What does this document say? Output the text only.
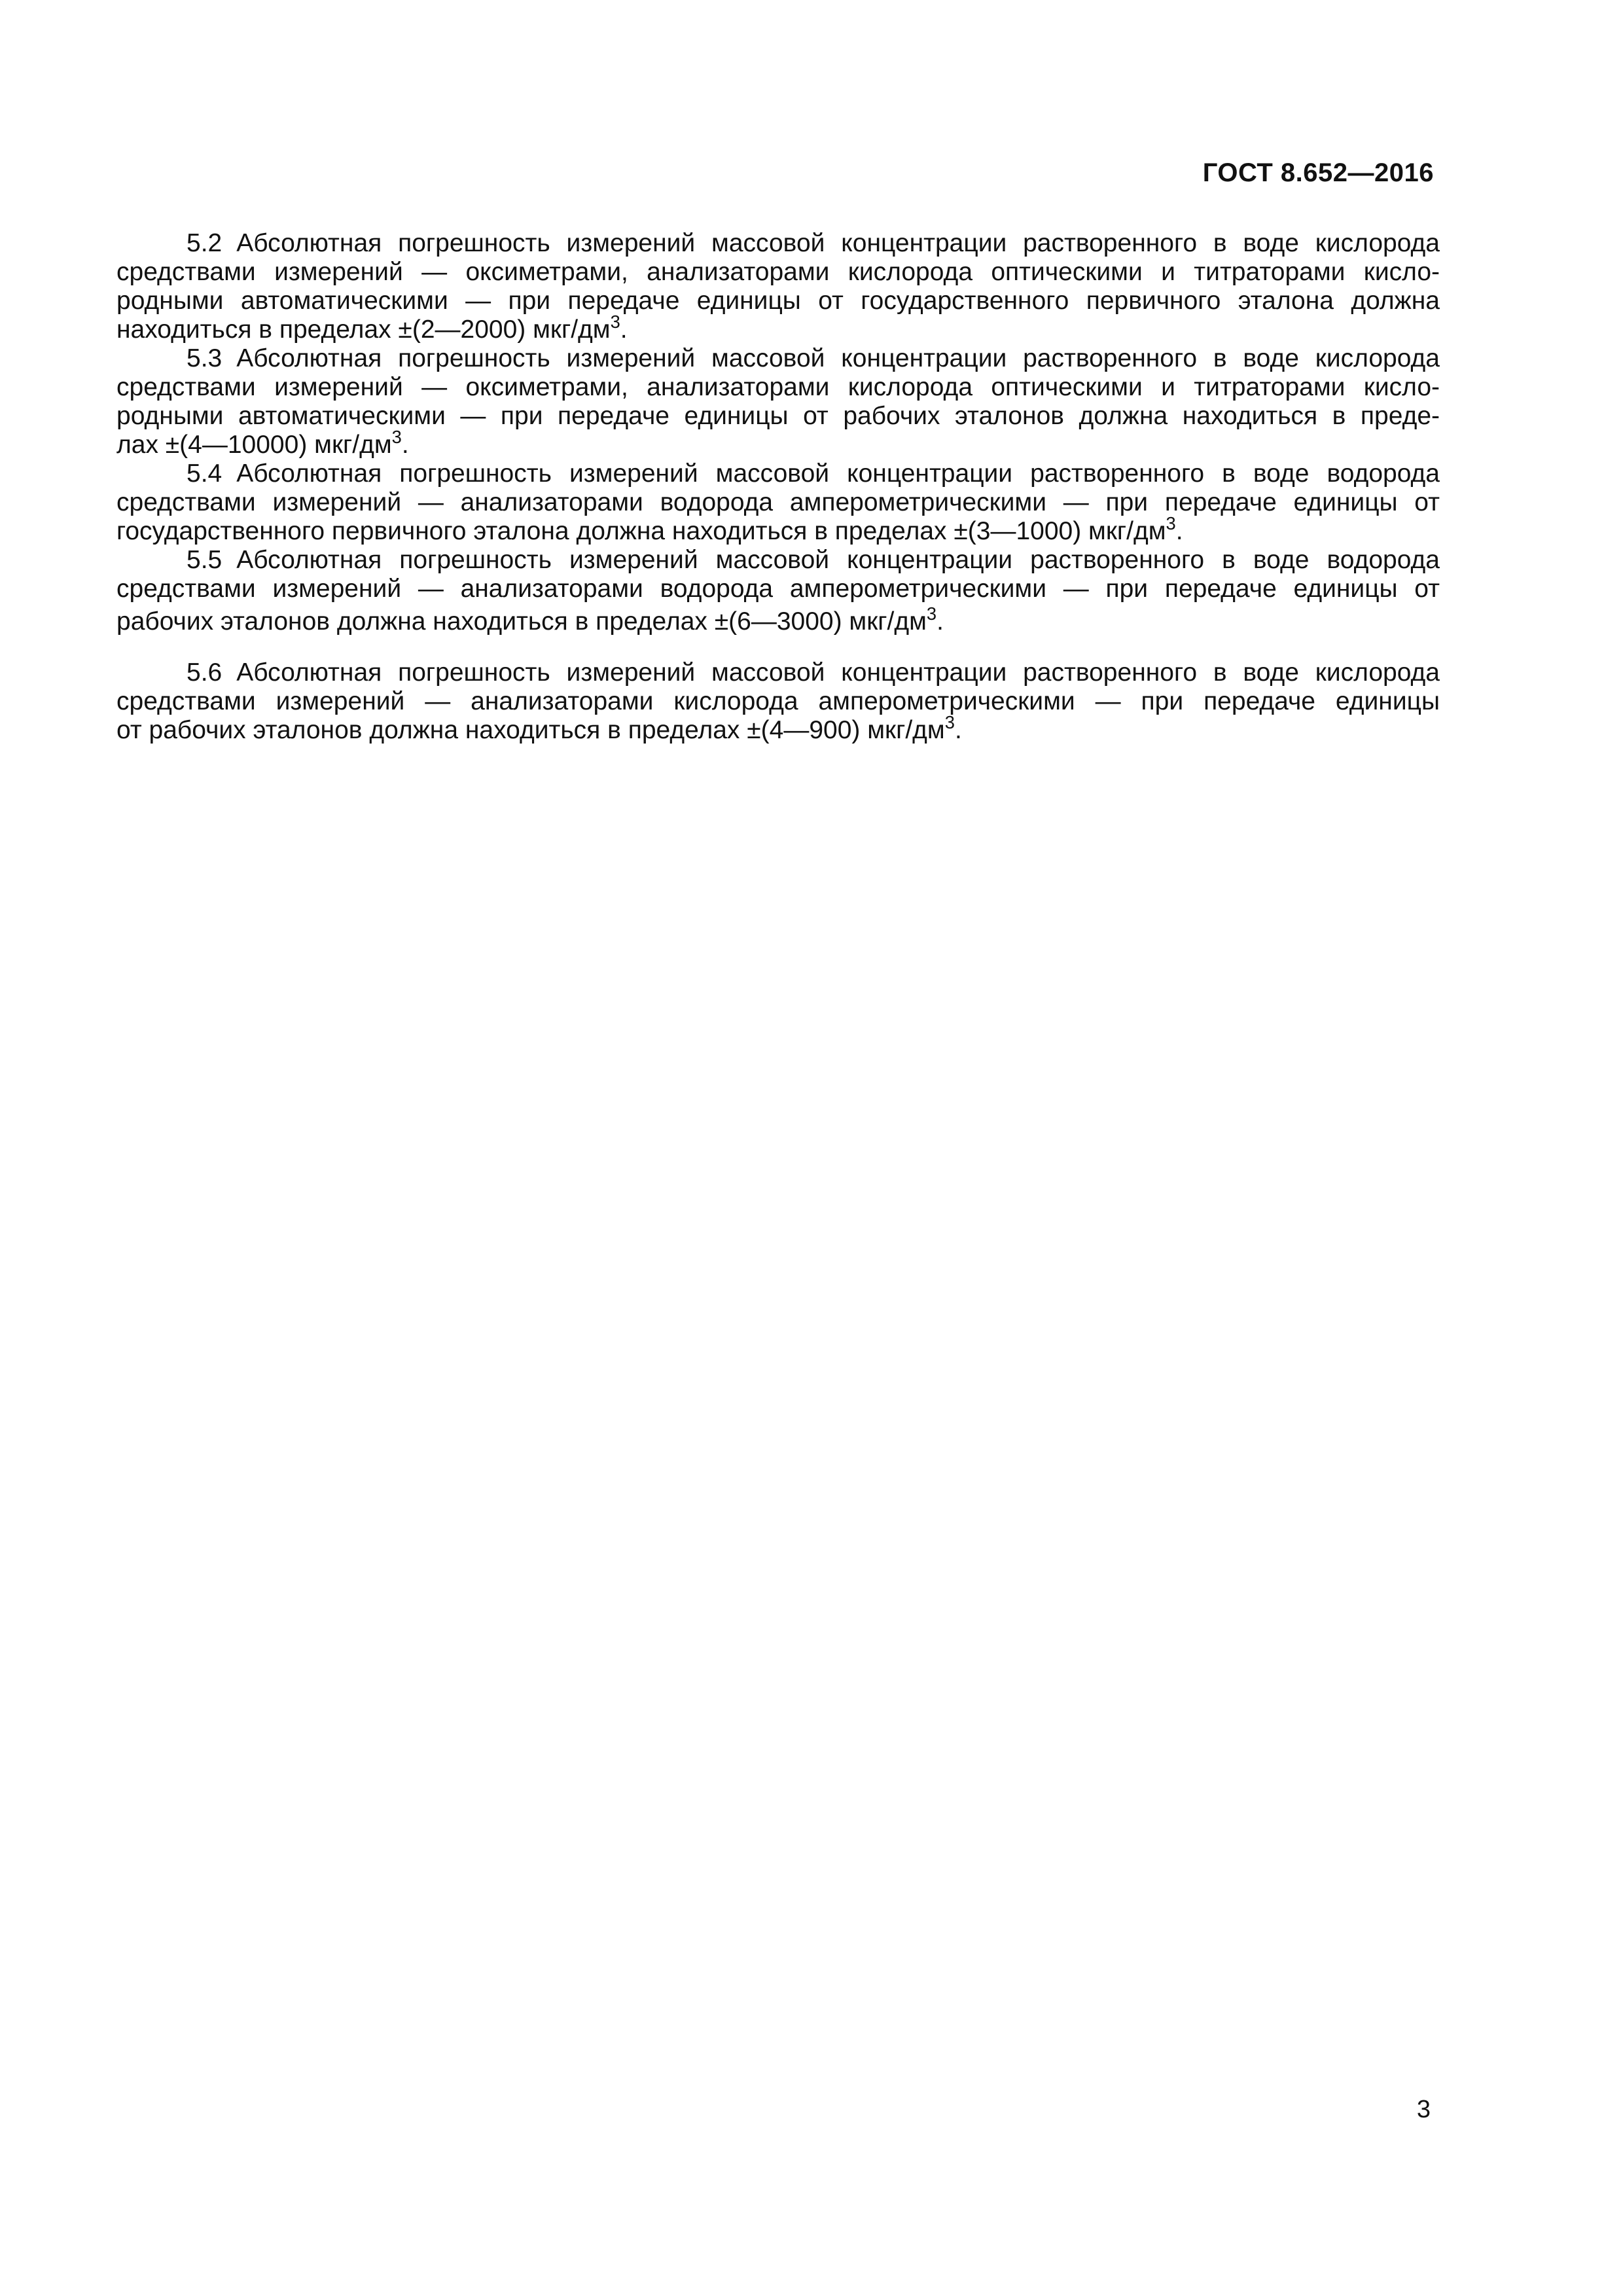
ГОСТ 8.652—2016

5.2 Абсолютная погрешность измерений массовой концентрации растворенного в воде кислорода
средствами измерений — оксиметрами, анализаторами кислорода оптическими и титраторами кисло-
родными автоматическими — при передаче единицы от государственного первичного эталона должна
находиться в пределах ±(2—2000) мкг/$дм^3$.

5.3 Абсолютная погрешность измерений массовой концентрации растворенного в воде кислорода
средствами измерений — оксиметрами, анализаторами кислорода оптическими и титраторами кисло-
родными автоматическими — при передаче единицы от рабочих эталонов должна находиться в преде-
лах ±(4—10000) мкг/$дм^3$.

5.4 Абсолютная погрешность измерений массовой концентрации растворенного в воде водорода
средствами измерений — анализаторами водорода амперометрическими — при передаче единицы от
государственного первичного эталона должна находиться в пределах ±(3—1000) мкг/$дм^3$.

5.5 Абсолютная погрешность измерений массовой концентрации растворенного в воде водорода
средствами измерений — анализаторами водорода амперометрическими — при передаче единицы от
рабочих эталонов должна находиться в пределах ±(6—3000) мкг/$дм^3$.

5.6 Абсолютная погрешность измерений массовой концентрации растворенного в воде кислорода
средствами измерений — анализаторами кислорода амперометрическими — при передаче единицы
от рабочих эталонов должна находиться в пределах ±(4—900) мкг/$дм^3$.

3
